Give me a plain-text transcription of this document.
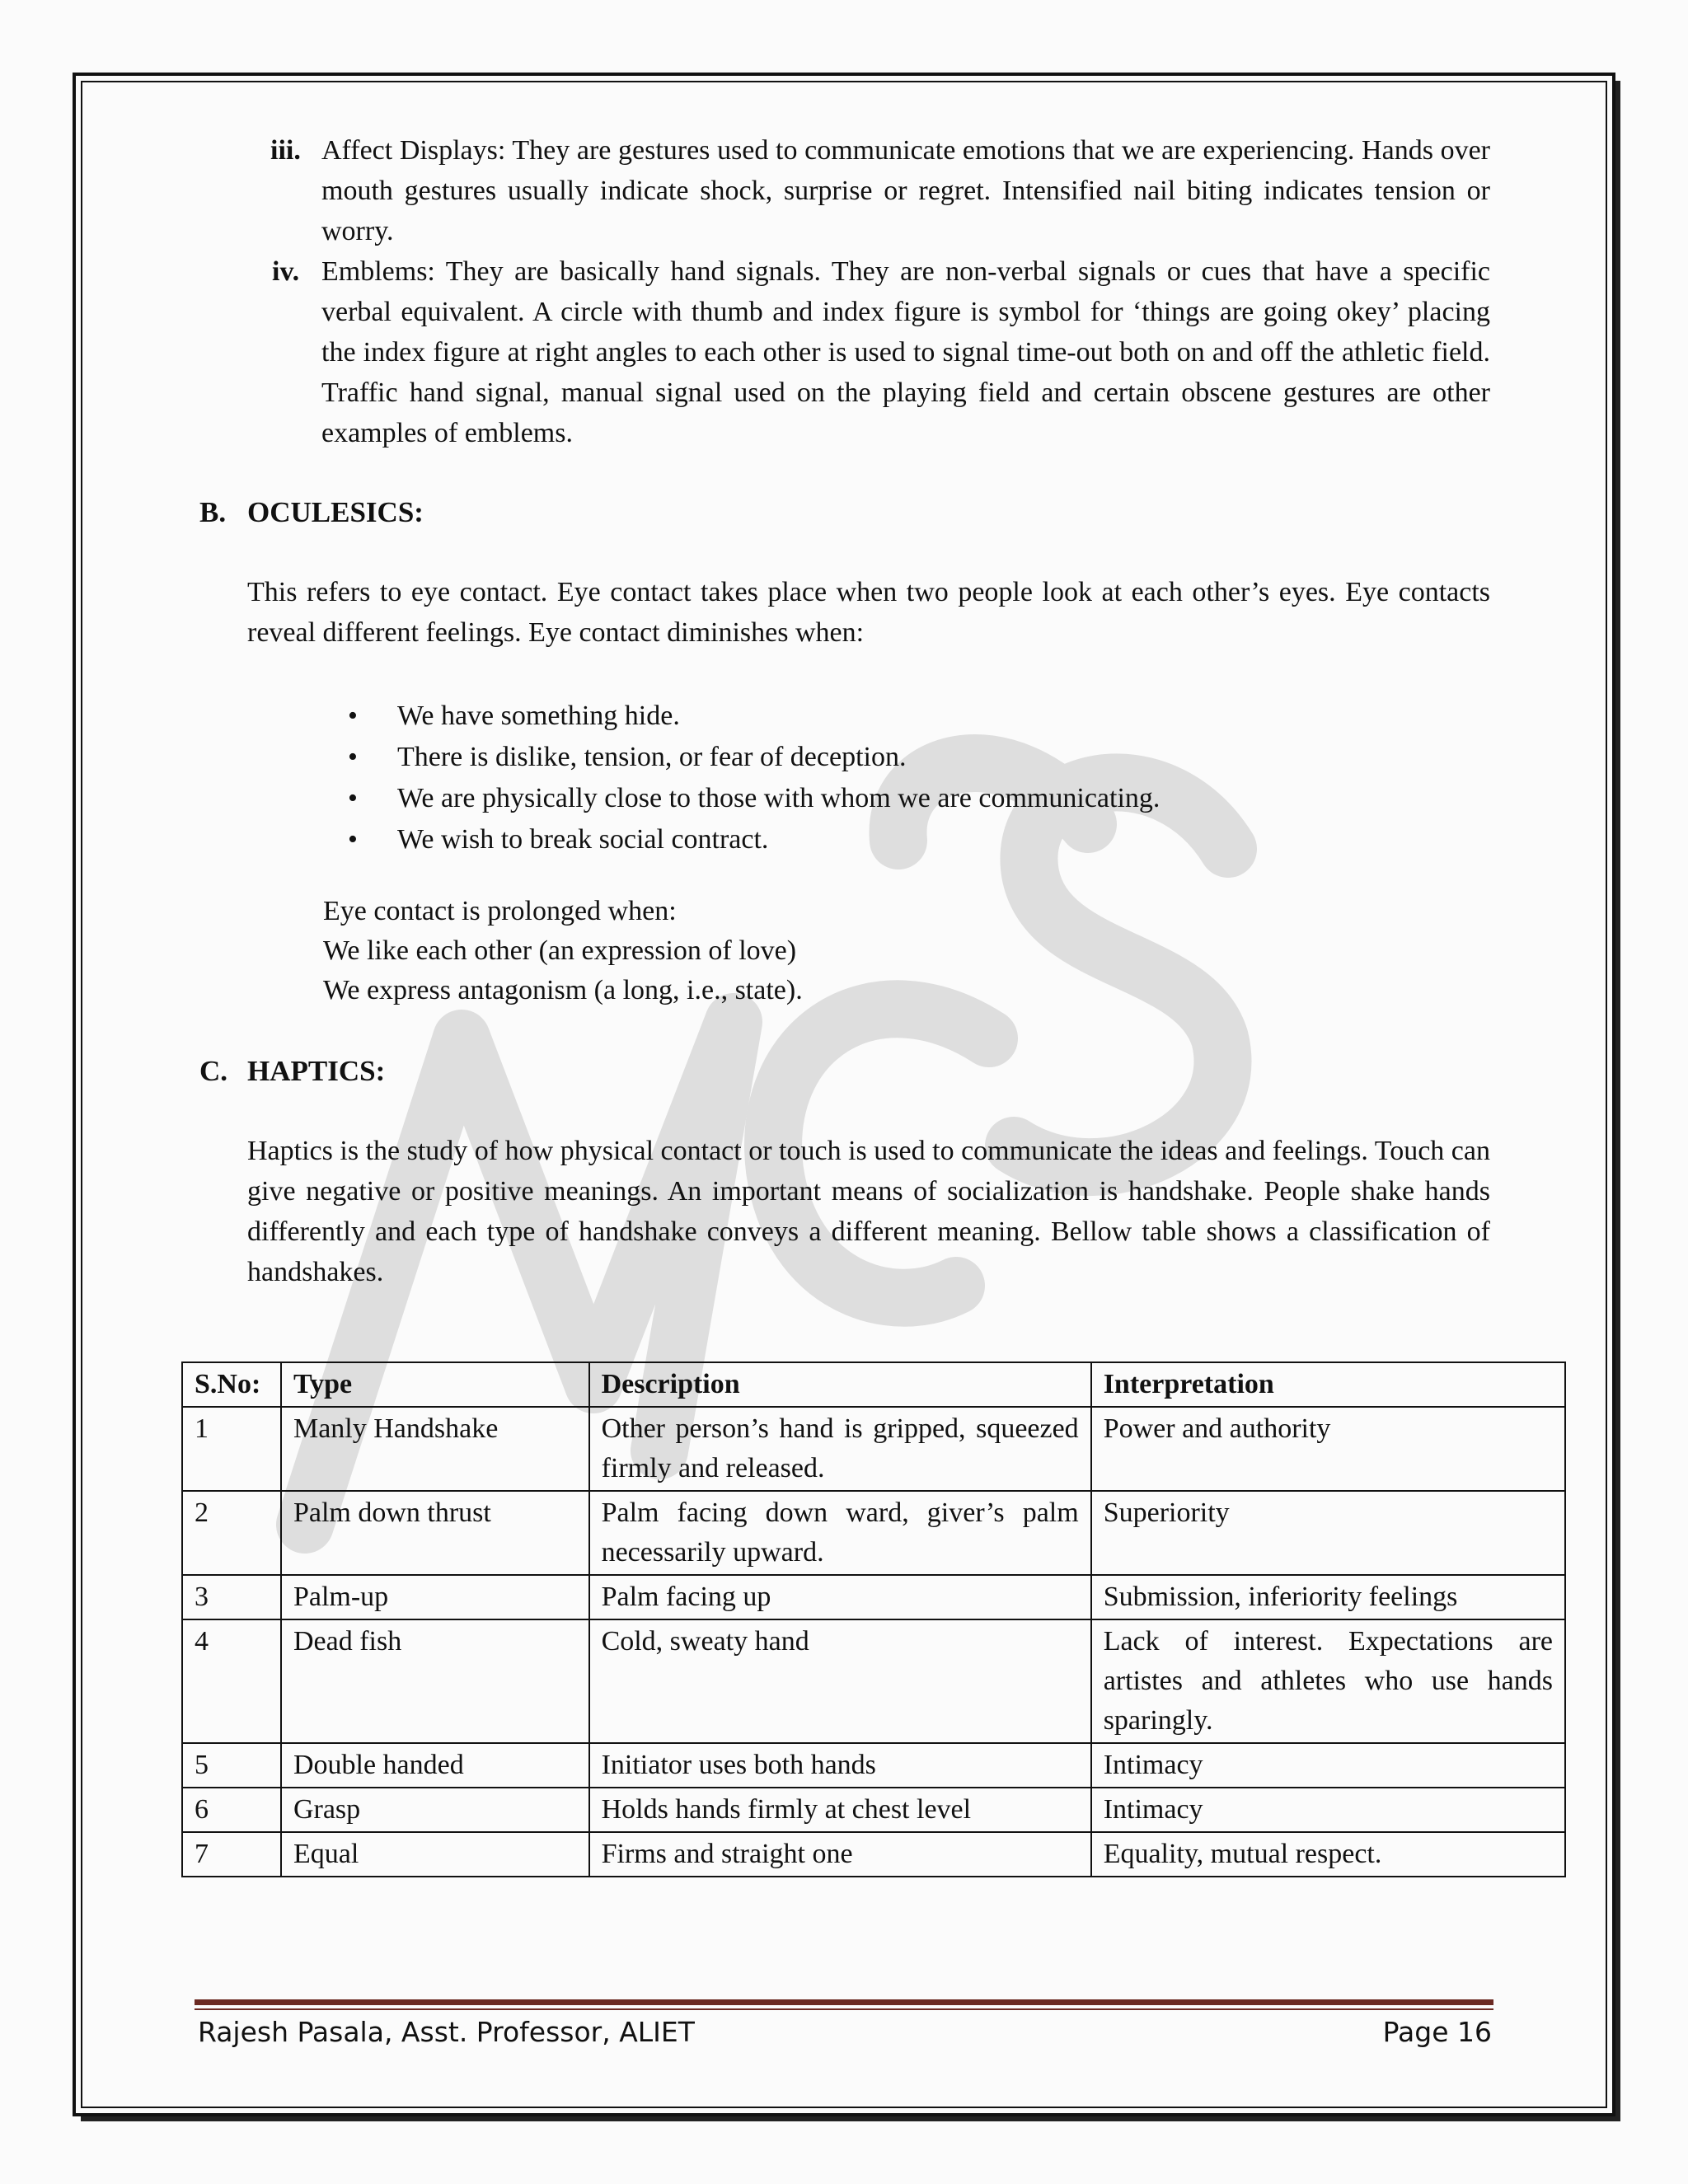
iii. Affect Displays: They are gestures used to communicate emotions that we are experiencing. Hands over mouth gestures usually indicate shock, surprise or regret. Intensified nail biting indicates tension or worry.
iv. Emblems: They are basically hand signals. They are non-verbal signals or cues that have a specific verbal equivalent. A circle with thumb and index figure is symbol for ‘things are going okey’ placing the index figure at right angles to each other is used to signal time-out both on and off the athletic field. Traffic hand signal, manual signal used on the playing field and certain obscene gestures are other examples of emblems.
B. OCULESICS:
This refers to eye contact. Eye contact takes place when two people look at each other’s eyes. Eye contacts reveal different feelings. Eye contact diminishes when:
• We have something hide.
• There is dislike, tension, or fear of deception.
• We are physically close to those with whom we are communicating.
• We wish to break social contract.
Eye contact is prolonged when:
We like each other (an expression of love)
We express antagonism (a long, i.e., state).
C. HAPTICS:
Haptics is the study of how physical contact or touch is used to communicate the ideas and feelings. Touch can give negative or positive meanings. An important means of socialization is handshake. People shake hands differently and each type of handshake conveys a different meaning. Bellow table shows a classification of handshakes.
S.No:	Type	Description	Interpretation
1	Manly Handshake	Other person’s hand is gripped, squeezed firmly and released.	Power and authority
2	Palm down thrust	Palm facing down ward, giver’s palm necessarily upward.	Superiority
3	Palm-up	Palm facing up	Submission, inferiority feelings
4	Dead fish	Cold, sweaty hand	Lack of interest. Expectations are artistes and athletes who use hands sparingly.
5	Double handed	Initiator uses both hands	Intimacy
6	Grasp	Holds hands firmly at chest level	Intimacy
7	Equal	Firms and straight one	Equality, mutual respect.
Rajesh Pasala, Asst. Professor, ALIET	Page 16
